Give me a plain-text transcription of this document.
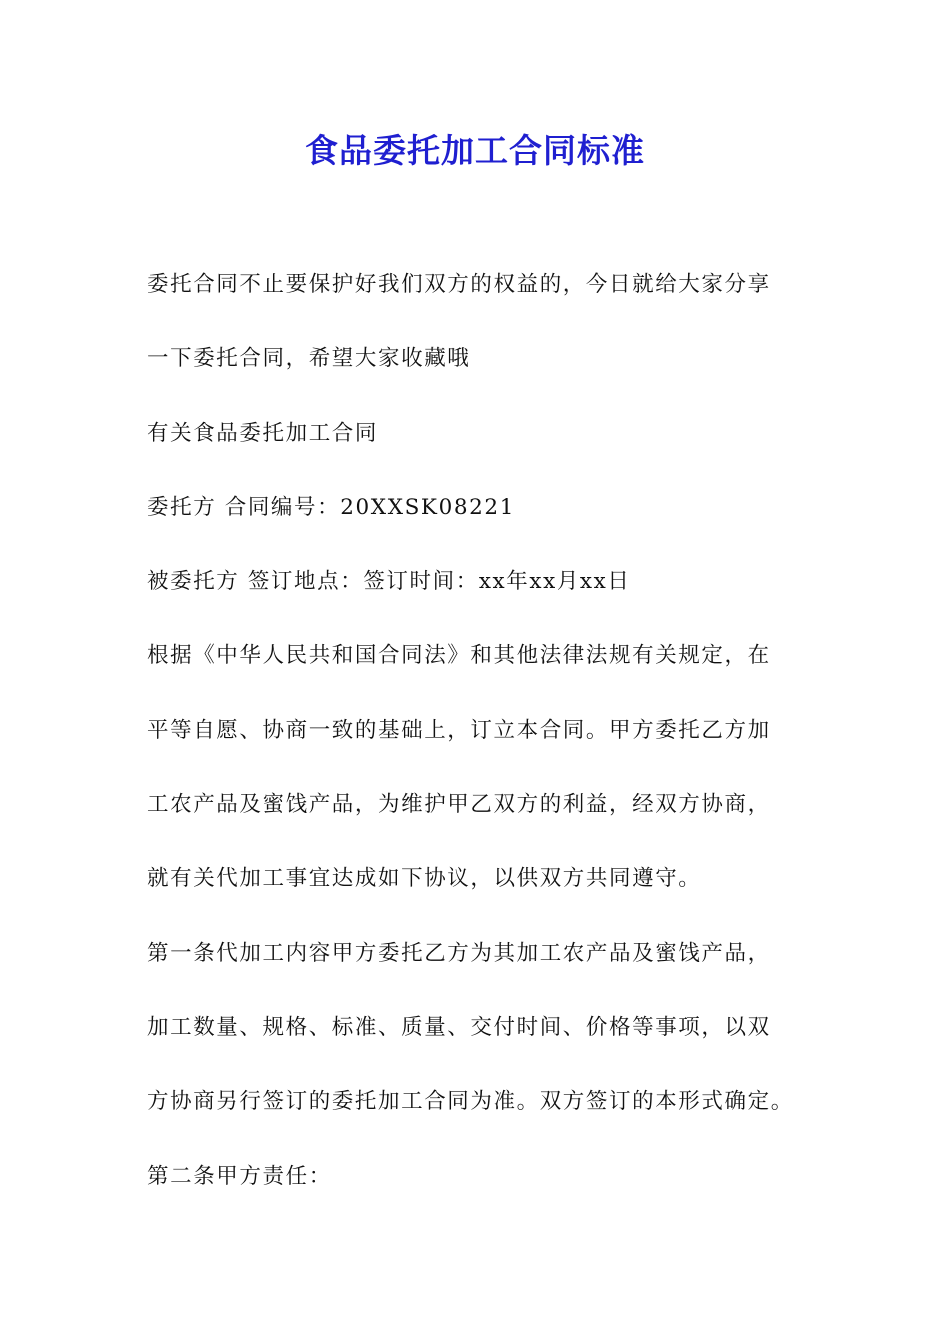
食品委托加工合同标准

委托合同不止要保护好我们双方的权益的，今日就给大家分享

一下委托合同，希望大家收藏哦

有关食品委托加工合同

委托方 合同编号：20XXSK08221

被委托方 签订地点：签订时间：xx年xx月xx日

根据《中华人民共和国合同法》和其他法律法规有关规定，在

平等自愿、协商一致的基础上，订立本合同。甲方委托乙方加

工农产品及蜜饯产品，为维护甲乙双方的利益，经双方协商，

就有关代加工事宜达成如下协议，以供双方共同遵守。

第一条代加工内容甲方委托乙方为其加工农产品及蜜饯产品，

加工数量、规格、标准、质量、交付时间、价格等事项，以双

方协商另行签订的委托加工合同为准。双方签订的本形式确定。

第二条甲方责任：
